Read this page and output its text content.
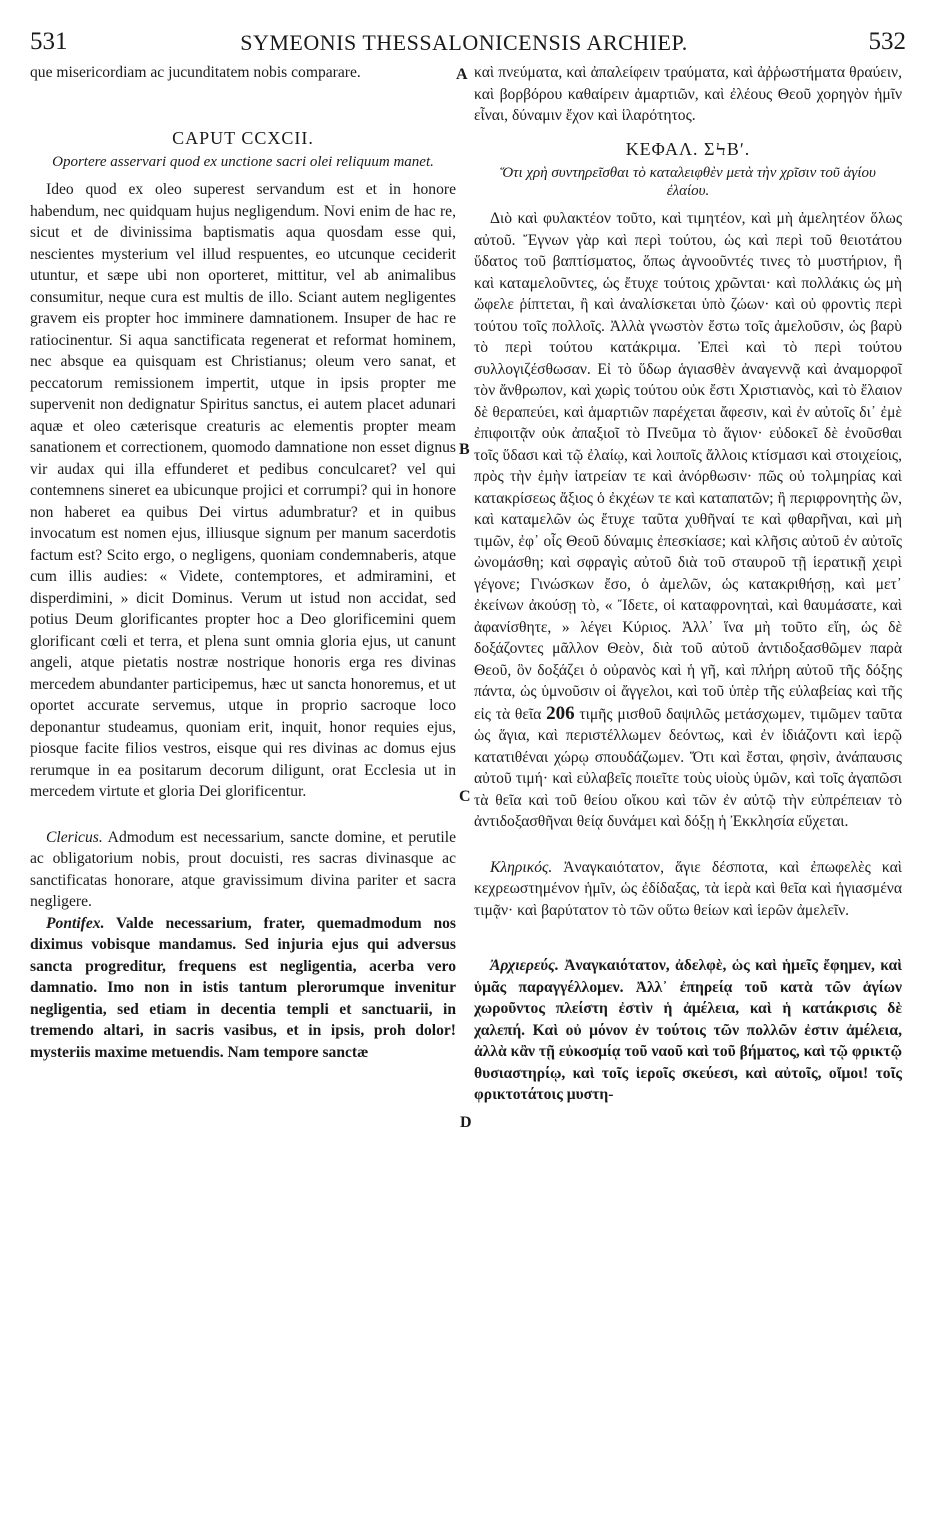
531	SYMEONIS THESSALONICENSIS ARCHIEP.	532

que misericordiam ac jucunditatem nobis comparare.

CAPUT CCXCII.
Oportere asservari quod ex unctione sacri olei reliquum manet.

Ideo quod ex oleo superest servandum est et in honore habendum, nec quidquam hujus negligendum. Novi enim de hac re, sicut et de divinissima baptismatis aqua quosdam esse qui, nescientes mysterium vel illud respuentes, eo utcunque ceciderit utuntur, et sæpe ubi non oporteret, mittitur, vel ab animalibus consumitur, neque cura est multis de illo. Sciant autem negligentes gravem eis propter hoc imminere damnationem. Insuper de hac re ratiocinentur. Si aqua sanctificata regenerat et reformat hominem, nec absque ea quisquam est Christianus; oleum vero sanat, et peccatorum remissionem impertit, utque in ipsis propter me supervenit non dedignatur Spiritus sanctus, ei autem placet adunari aquæ et oleo cæterisque creaturis ac elementis propter meam sanationem et correctionem, quomodo damnatione non esset dignus vir audax qui illa effunderet et pedibus conculcaret? vel qui contemnens sineret ea ubicunque projici et corrumpi? qui in honore non haberet ea quibus Dei virtus adumbratur? et in quibus invocatum est nomen ejus, illiusque signum per manum sacerdotis factum est? Scito ergo, o negligens, quoniam condemnaberis, atque cum illis audies: « Videte, contemptores, et admiramini, et disperdimini, » dicit Dominus. Verum ut istud non accidat, sed potius Deum glorificantes propter hoc a Deo glorificemini quem glorificant cœli et terra, et plena sunt omnia gloria ejus, ut canunt angeli, atque pietatis nostræ nostrique honoris erga res divinas mercedem abundanter participemus, hæc ut sancta honoremus, et ut oportet accurate servemus, utque in proprio sacroque loco deponantur studeamus, quoniam erit, inquit, honor requies ejus, piosque facite filios vestros, eisque qui res divinas ac domus ejus rerumque in ea positarum decorum diligunt, orat Ecclesia ut in mercedem virtute et gloria Dei glorificentur.

Clericus. Admodum est necessarium, sancte domine, et perutile ac obligatorium nobis, prout docuisti, res sacras divinasque ac sanctificatas honorare, atque gravissimum divina pariter et sacra negligere.

Pontifex. Valde necessarium, frater, quemadmodum nos diximus vobisque mandamus. Sed injuria ejus qui adversus sancta progreditur, frequens est negligentia, acerba vero damnatio. Imo non in istis tantum plerorumque invenitur negligentia, sed etiam in decentia templi et sanctuarii, in tremendo altari, in sacris vasibus, et in ipsis, proh dolor! mysteriis maxime metuendis. Nam tempore sanctæ

καὶ πνεύματα, καὶ ἀπαλείφειν τραύματα, καὶ ἀῤῥωστήματα θραύειν, καὶ βορβόρου καθαίρειν ἁμαρτιῶν, καὶ ἐλέους Θεοῦ χορηγὸν ἡμῖν εἶναι, δύναμιν ἔχον καὶ ἱλαρότητος.

ΚΕΦΑΛ. ΣϞΒʹ.
Ὅτι χρὴ συντηρεῖσθαι τὸ καταλειφθὲν μετὰ τὴν χρῖσιν τοῦ ἁγίου ἐλαίου.

Διὸ καὶ φυλακτέον τοῦτο, καὶ τιμητέον, καὶ μὴ ἀμελητέον ὅλως αὐτοῦ. Ἔγνων γὰρ καὶ περὶ τούτου, ὡς καὶ περὶ τοῦ θειοτάτου ὕδατος τοῦ βαπτίσματος, ὅπως ἀγνοοῦντές τινες τὸ μυστήριον, ἢ καὶ καταμελοῦντες, ὡς ἔτυχε τούτοις χρῶνται· καὶ πολλάκις ὡς μὴ ὤφελε ῥίπτεται, ἢ καὶ ἀναλίσκεται ὑπὸ ζώων· καὶ οὐ φροντὶς περὶ τούτου τοῖς πολλοῖς. Ἀλλὰ γνωστὸν ἔστω τοῖς ἀμελοῦσιν, ὡς βαρὺ τὸ περὶ τούτου κατάκριμα. Ἐπεὶ καὶ τὸ περὶ τούτου συλλογιζέσθωσαν. Εἰ τὸ ὕδωρ ἁγιασθὲν ἀναγεννᾷ καὶ ἀναμορφοῖ τὸν ἄνθρωπον, καὶ χωρὶς τούτου οὐκ ἔστι Χριστιανὸς, καὶ τὸ ἔλαιον δὲ θεραπεύει, καὶ ἁμαρτιῶν παρέχεται ἄφεσιν, καὶ ἐν αὐτοῖς δι᾽ ἐμὲ ἐπιφοιτᾷν οὐκ ἀπαξιοῖ τὸ Πνεῦμα τὸ ἅγιον· εὐδοκεῖ δὲ ἑνοῦσθαι τοῖς ὕδασι καὶ τῷ ἐλαίῳ, καὶ λοιποῖς ἄλλοις κτίσμασι καὶ στοιχείοις, πρὸς τὴν ἐμὴν ἰατρείαν τε καὶ ἀνόρθωσιν· πῶς οὐ τολμηρίας καὶ κατακρίσεως ἄξιος ὁ ἐκχέων τε καὶ καταπατῶν; ἢ περιφρονητὴς ὢν, καὶ καταμελῶν ὡς ἔτυχε ταῦτα χυθῆναί τε καὶ φθαρῆναι, καὶ μὴ τιμῶν, ἐφ᾽ οἷς Θεοῦ δύναμις ἐπεσκίασε; καὶ κλῆσις αὐτοῦ ἐν αὐτοῖς ὠνομάσθη; καὶ σφραγὶς αὐτοῦ διὰ τοῦ σταυροῦ τῇ ἱερατικῇ χειρὶ γέγονε; Γινώσκων ἔσο, ὁ ἀμελῶν, ὡς κατακριθήσῃ, καὶ μετ᾽ ἐκείνων ἀκούσῃ τὸ, « Ἴδετε, οἱ καταφρονηταὶ, καὶ θαυμάσατε, καὶ ἀφανίσθητε, » λέγει Κύριος. Ἀλλ᾽ ἵνα μὴ τοῦτο εἴη, ὡς δὲ δοξάζοντες μᾶλλον Θεὸν, διὰ τοῦ αὐτοῦ ἀντιδοξασθῶμεν παρὰ Θεοῦ, ὃν δοξάζει ὁ οὐρανὸς καὶ ἡ γῆ, καὶ πλήρη αὐτοῦ τῆς δόξης πάντα, ὡς ὑμνοῦσιν οἱ ἄγγελοι, καὶ τοῦ ὑπὲρ τῆς εὐλαβείας καὶ τῆς εἰς τὰ θεῖα 206 τιμῆς μισθοῦ δαψιλῶς μετάσχωμεν, τιμῶμεν ταῦτα ὡς ἅγια, καὶ περιστέλλωμεν δεόντως, καὶ ἐν ἰδιάζοντι καὶ ἱερῷ κατατιθέναι χώρῳ σπουδάζωμεν. Ὅτι καὶ ἔσται, φησὶν, ἀνάπαυσις αὐτοῦ τιμή· καὶ εὐλαβεῖς ποιεῖτε τοὺς υἱοὺς ὑμῶν, καὶ τοῖς ἀγαπῶσι τὰ θεῖα καὶ τοῦ θείου οἴκου καὶ τῶν ἐν αὐτῷ τὴν εὐπρέπειαν τὸ ἀντιδοξασθῆναι θείᾳ δυνάμει καὶ δόξῃ ἡ Ἐκκλησία εὔχεται.

Κληρικός. Ἀναγκαιότατον, ἅγιε δέσποτα, καὶ ἐπωφελὲς καὶ κεχρεωστημένον ἡμῖν, ὡς ἐδίδαξας, τὰ ἱερὰ καὶ θεῖα καὶ ἡγιασμένα τιμᾷν· καὶ βαρύτατον τὸ τῶν οὕτω θείων καὶ ἱερῶν ἀμελεῖν.

Ἀρχιερεύς. Ἀναγκαιότατον, ἀδελφὲ, ὡς καὶ ἡμεῖς ἔφημεν, καὶ ὑμᾶς παραγγέλλομεν. Ἀλλ᾽ ἐπηρείᾳ τοῦ κατὰ τῶν ἁγίων χωροῦντος πλείστη ἐστὶν ἡ ἀμέλεια, καὶ ἡ κατάκρισις δὲ χαλεπή. Καὶ οὐ μόνον ἐν τούτοις τῶν πολλῶν ἐστιν ἀμέλεια, ἀλλὰ κἂν τῇ εὐκοσμίᾳ τοῦ ναοῦ καὶ τοῦ βήματος, καὶ τῷ φρικτῷ θυσιαστηρίῳ, καὶ τοῖς ἱεροῖς σκεύεσι, καὶ αὐτοῖς, οἴμοι! τοῖς φρικτοτάτοις μυστη-

A
B
C
D
